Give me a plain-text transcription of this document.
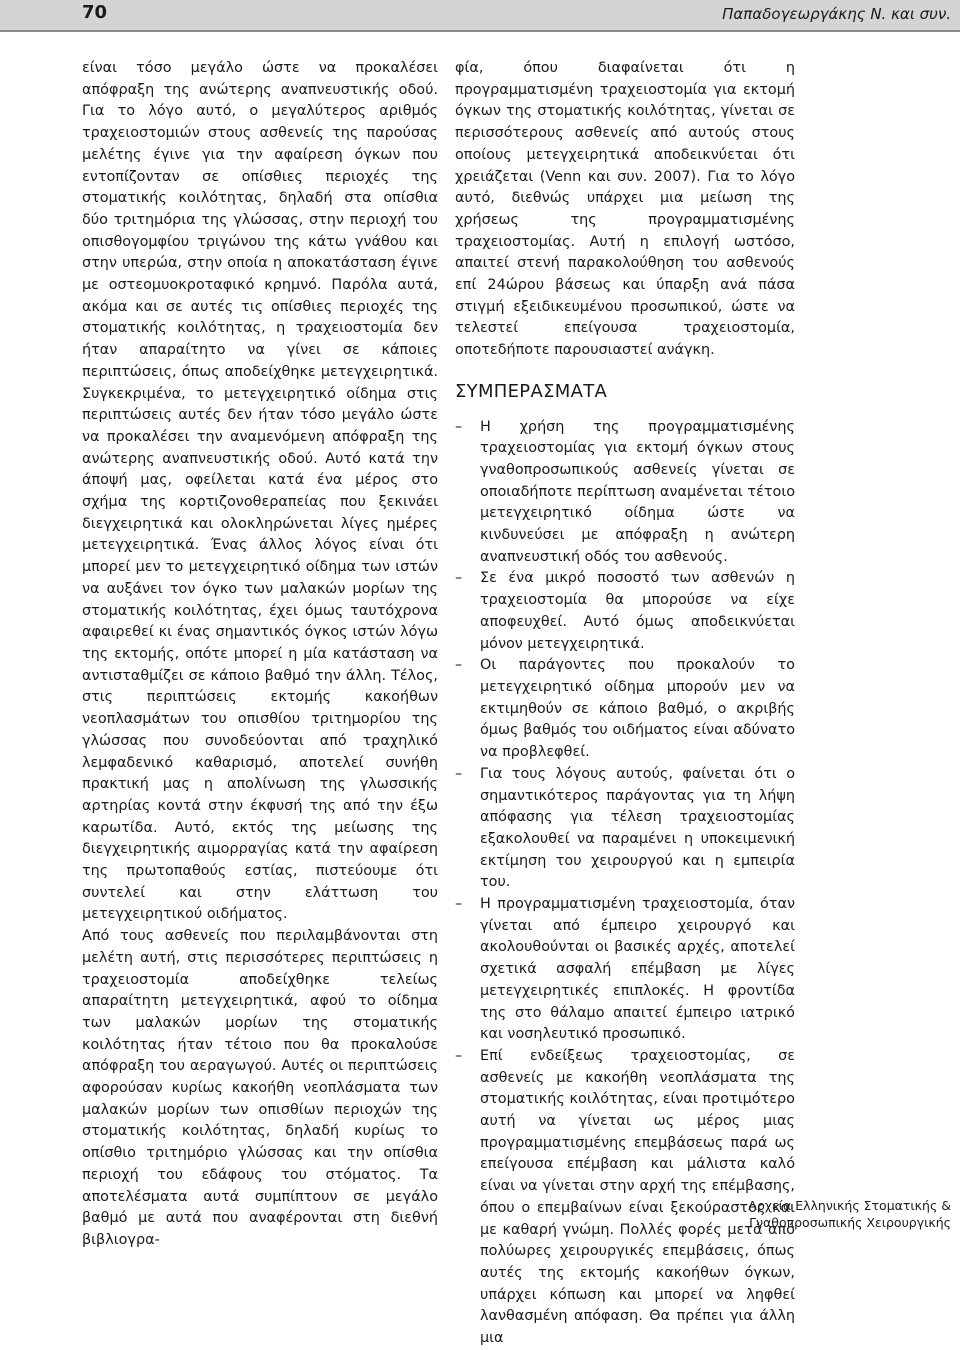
70	Παπαδογεωργάκης Ν. και συν.

είναι τόσο μεγάλο ώστε να προκαλέσει απόφραξη της ανώτερης αναπνευστικής οδού. Για το λόγο αυτό, ο μεγαλύτερος αριθμός τραχειοστομιών στους ασθενείς της παρούσας μελέτης έγινε για την αφαίρεση όγκων που εντοπίζονταν σε οπίσθιες περιοχές της στοματικής κοιλότητας, δηλαδή στα οπίσθια δύο τριτημόρια της γλώσσας, στην περιοχή του οπισθογομφίου τριγώνου της κάτω γνάθου και στην υπερώα, στην οποία η αποκατάσταση έγινε με οστεομυοκροταφικό κρημνό. Παρόλα αυτά, ακόμα και σε αυτές τις οπίσθιες περιοχές της στοματικής κοιλότητας, η τραχειοστομία δεν ήταν απαραίτητο να γίνει σε κάποιες περιπτώσεις, όπως αποδείχθηκε μετεγχειρητικά. Συγκεκριμένα, το μετεγχειρητικό οίδημα στις περιπτώσεις αυτές δεν ήταν τόσο μεγάλο ώστε να προκαλέσει την αναμενόμενη απόφραξη της ανώτερης αναπνευστικής οδού. Αυτό κατά την άποψή μας, οφείλεται κατά ένα μέρος στο σχήμα της κορτιζονοθεραπείας που ξεκινάει διεγχειρητικά και ολοκληρώνεται λίγες ημέρες μετεγχειρητικά. Ένας άλλος λόγος είναι ότι μπορεί μεν το μετεγχειρητικό οίδημα των ιστών να αυξάνει τον όγκο των μαλακών μορίων της στοματικής κοιλότητας, έχει όμως ταυτόχρονα αφαιρεθεί κι ένας σημαντικός όγκος ιστών λόγω της εκτομής, οπότε μπορεί η μία κατάσταση να αντισταθμίζει σε κάποιο βαθμό την άλλη. Τέλος, στις περιπτώσεις εκτομής κακοήθων νεοπλασμάτων του οπισθίου τριτημορίου της γλώσσας που συνοδεύονται από τραχηλικό λεμφαδενικό καθαρισμό, αποτελεί συνήθη πρακτική μας η απολίνωση της γλωσσικής αρτηρίας κοντά στην έκφυσή της από την έξω καρωτίδα. Αυτό, εκτός της μείωσης της διεγχειρητικής αιμορραγίας κατά την αφαίρεση της πρωτοπαθούς εστίας, πιστεύουμε ότι συντελεί και στην ελάττωση του μετεγχειρητικού οιδήματος.

Από τους ασθενείς που περιλαμβάνονται στη μελέτη αυτή, στις περισσότερες περιπτώσεις η τραχειοστομία αποδείχθηκε τελείως απαραίτητη μετεγχειρητικά, αφού το οίδημα των μαλακών μορίων της στοματικής κοιλότητας ήταν τέτοιο που θα προκαλούσε απόφραξη του αεραγωγού. Αυτές οι περιπτώσεις αφορούσαν κυρίως κακοήθη νεοπλάσματα των μαλακών μορίων των οπισθίων περιοχών της στοματικής κοιλότητας, δηλαδή κυρίως το οπίσθιο τριτημόριο γλώσσας και την οπίσθια περιοχή του εδάφους του στόματος. Τα αποτελέσματα αυτά συμπίπτουν σε μεγάλο βαθμό με αυτά που αναφέρονται στη διεθνή βιβλιογρα-

φία, όπου διαφαίνεται ότι η προγραμματισμένη τραχειοστομία για εκτομή όγκων της στοματικής κοιλότητας, γίνεται σε περισσότερους ασθενείς από αυτούς στους οποίους μετεγχειρητικά αποδεικνύεται ότι χρειάζεται (Venn και συν. 2007). Για το λόγο αυτό, διεθνώς υπάρχει μια μείωση της χρήσεως της προγραμματισμένης τραχειοστομίας. Αυτή η επιλογή ωστόσο, απαιτεί στενή παρακολούθηση του ασθενούς επί 24ώρου βάσεως και ύπαρξη ανά πάσα στιγμή εξειδικευμένου προσωπικού, ώστε να τελεστεί επείγουσα τραχειοστομία, οποτεδήποτε παρουσιαστεί ανάγκη.

ΣΥΜΠΕΡΑΣΜΑΤΑ
– Η χρήση της προγραμματισμένης τραχειοστομίας για εκτομή όγκων στους γναθοπροσωπικούς ασθενείς γίνεται σε οποιαδήποτε περίπτωση αναμένεται τέτοιο μετεγχειρητικό οίδημα ώστε να κινδυνεύσει με απόφραξη η ανώτερη αναπνευστική οδός του ασθενούς.
– Σε ένα μικρό ποσοστό των ασθενών η τραχειοστομία θα μπορούσε να είχε αποφευχθεί. Αυτό όμως αποδεικνύεται μόνον μετεγχειρητικά.
– Οι παράγοντες που προκαλούν το μετεγχειρητικό οίδημα μπορούν μεν να εκτιμηθούν σε κάποιο βαθμό, ο ακριβής όμως βαθμός του οιδήματος είναι αδύνατο να προβλεφθεί.
– Για τους λόγους αυτούς, φαίνεται ότι ο σημαντικότερος παράγοντας για τη λήψη απόφασης για τέλεση τραχειοστομίας εξακολουθεί να παραμένει η υποκειμενική εκτίμηση του χειρουργού και η εμπειρία του.
– Η προγραμματισμένη τραχειοστομία, όταν γίνεται από έμπειρο χειρουργό και ακολουθούνται οι βασικές αρχές, αποτελεί σχετικά ασφαλή επέμβαση με λίγες μετεγχειρητικές επιπλοκές. Η φροντίδα της στο θάλαμο απαιτεί έμπειρο ιατρικό και νοσηλευτικό προσωπικό.
– Επί ενδείξεως τραχειοστομίας, σε ασθενείς με κακοήθη νεοπλάσματα της στοματικής κοιλότητας, είναι προτιμότερο αυτή να γίνεται ως μέρος μιας προγραμματισμένης επεμβάσεως παρά ως επείγουσα επέμβαση και μάλιστα καλό είναι να γίνεται στην αρχή της επέμβασης, όπου ο επεμβαίνων είναι ξεκούραστος και με καθαρή γνώμη. Πολλές φορές μετά από πολύωρες χειρουργικές επεμβάσεις, όπως αυτές της εκτομής κακοήθων όγκων, υπάρχει κόπωση και μπορεί να ληφθεί λανθασμένη απόφαση. Θα πρέπει για άλλη μια
Αρχεία Ελληνικής Στοματικής &
Γναθοπροσωπικής Χειρουργικής
